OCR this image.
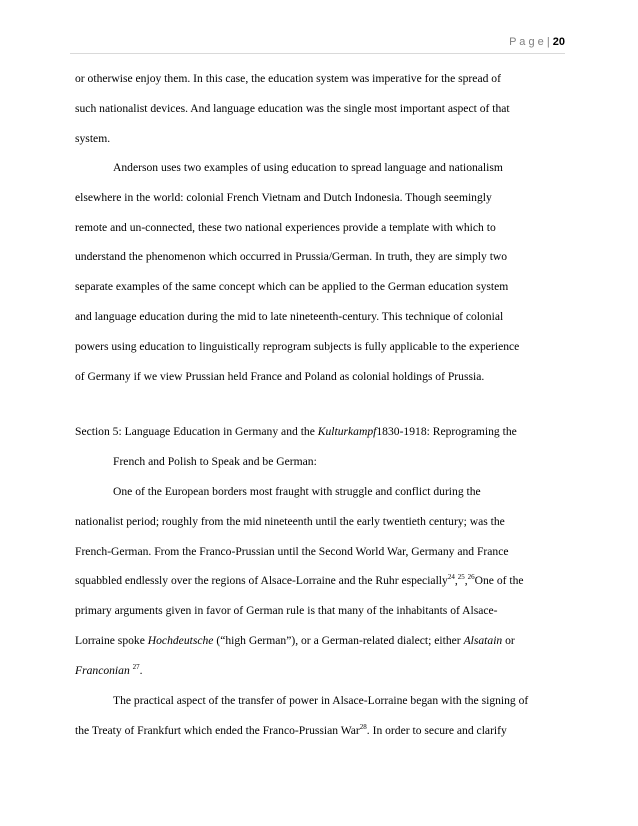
P a g e | 20
or otherwise enjoy them. In this case, the education system was imperative for the spread of
such nationalist devices. And language education was the single most important aspect of that
system.
Anderson uses two examples of using education to spread language and nationalism
elsewhere in the world: colonial French Vietnam and Dutch Indonesia. Though seemingly
remote and un-connected, these two national experiences provide a template with which to
understand the phenomenon which occurred in Prussia/German. In truth, they are simply two
separate examples of the same concept which can be applied to the German education system
and language education during the mid to late nineteenth-century. This technique of colonial
powers using education to linguistically reprogram subjects is fully applicable to the experience
of Germany if we view Prussian held France and Poland as colonial holdings of Prussia.
Section 5: Language Education in Germany and the Kulturkampf1830-1918: Reprograming the
French and Polish to Speak and be German:
One of the European borders most fraught with struggle and conflict during the
nationalist period; roughly from the mid nineteenth until the early twentieth century; was the
French-German. From the Franco-Prussian until the Second World War, Germany and France
squabbled endlessly over the regions of Alsace-Lorraine and the Ruhr especially$^{24}$,$^{25}$,$^{26}$One of the
primary arguments given in favor of German rule is that many of the inhabitants of Alsace-
Lorraine spoke Hochdeutsche (“high German”), or a German-related dialect; either Alsatain or
Franconian $^{27}$.
The practical aspect of the transfer of power in Alsace-Lorraine began with the signing of
the Treaty of Frankfurt which ended the Franco-Prussian War$^{28}$. In order to secure and clarify
